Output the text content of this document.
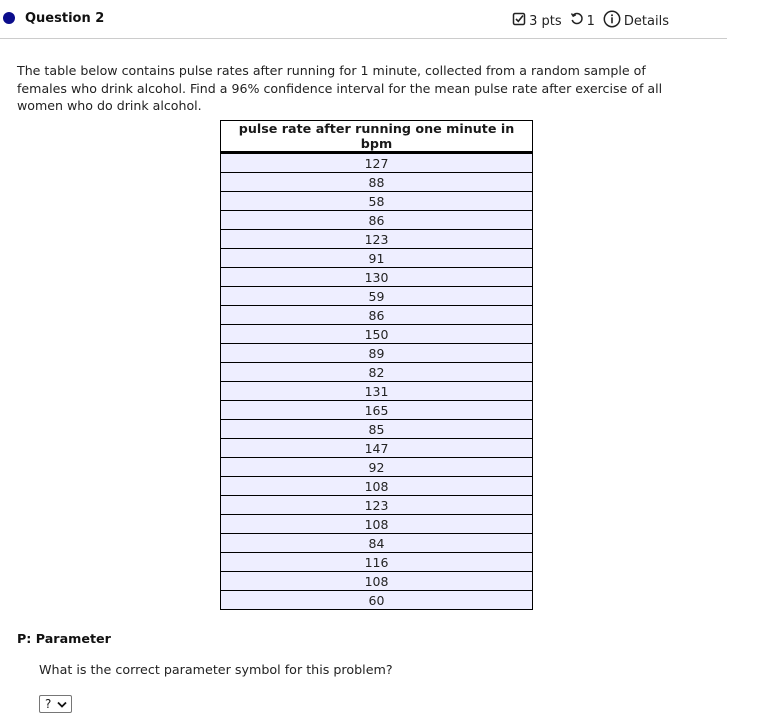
Question 2	3 pts 1 Details
The table below contains pulse rates after running for 1 minute, collected from a random sample of females who drink alcohol. Find a 96% confidence interval for the mean pulse rate after exercise of all women who do drink alcohol.
pulse rate after running one minute in bpm
127
88
58
86
123
91
130
59
86
150
89
82
131
165
85
147
92
108
123
108
84
116
108
60
P: Parameter
What is the correct parameter symbol for this problem?
?
